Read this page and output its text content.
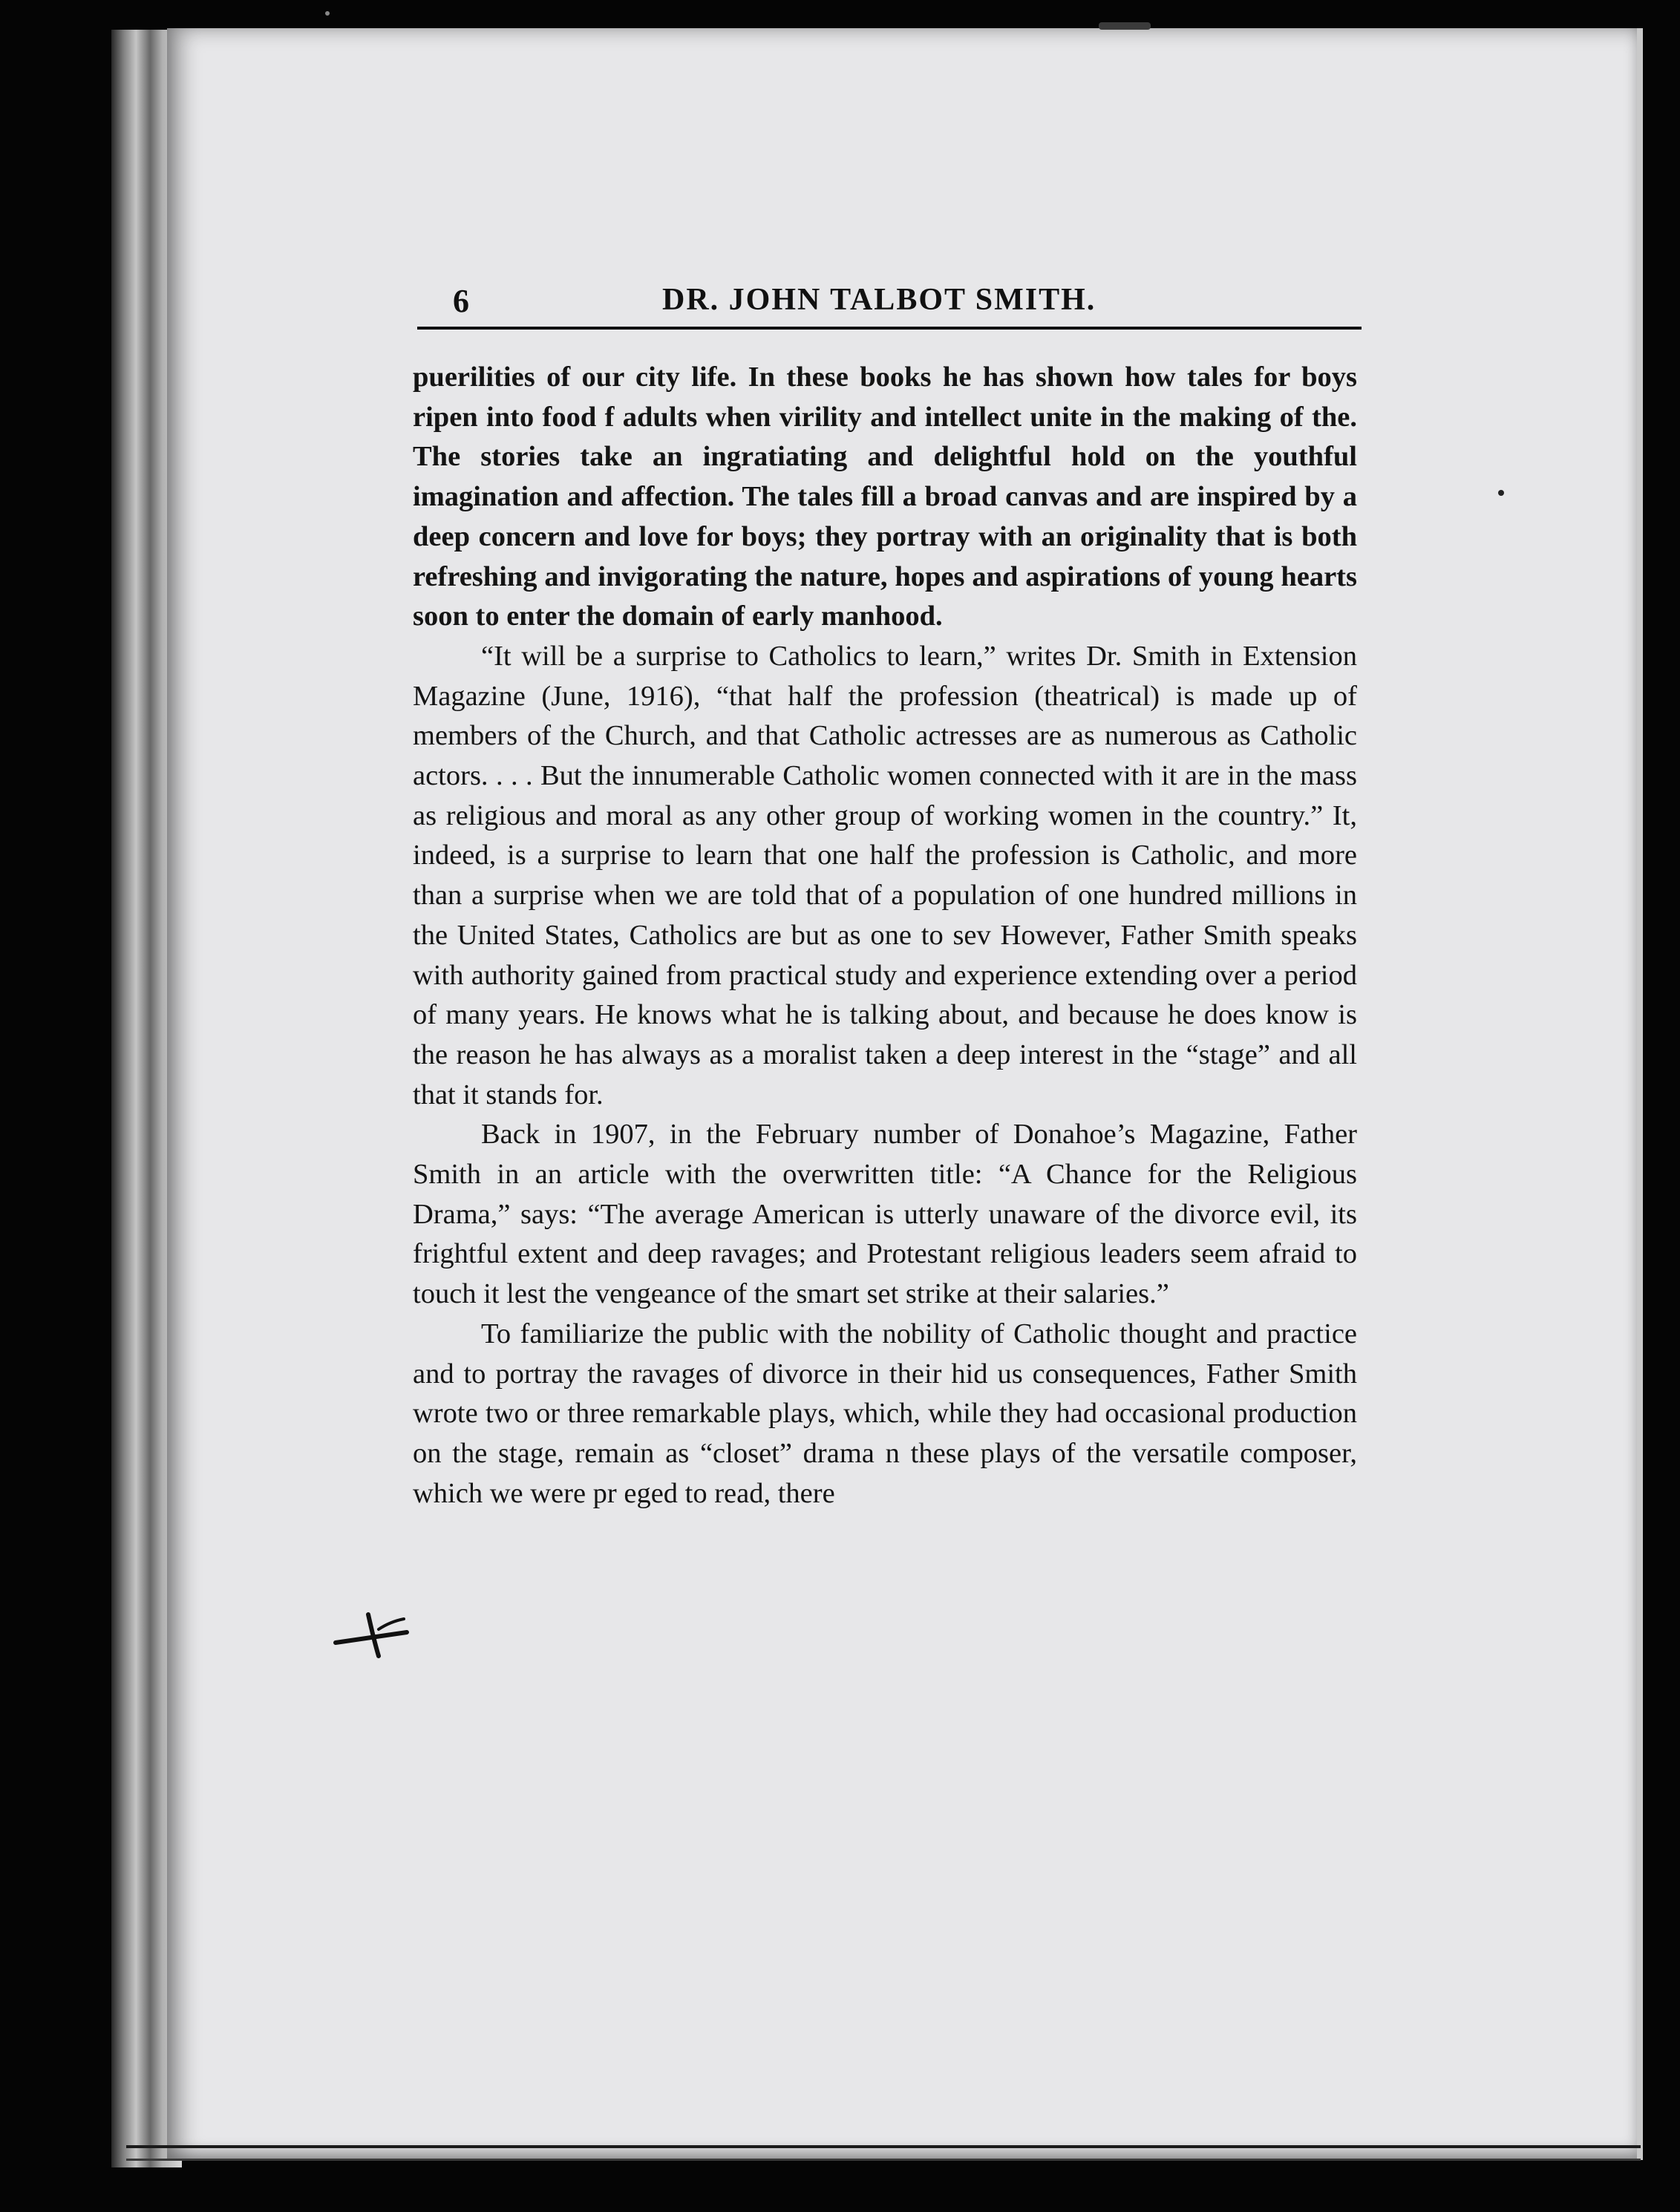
6	DR. JOHN TALBOT SMITH.

puerilities of our city life. In these books he has shown how tales for boys ripen into food f adults when virility and intellect unite in the making of the. The stories take an ingratiating and delightful hold on the youthful imagination and affection. The tales fill a broad canvas and are inspired by a deep concern and love for boys; they portray with an originality that is both refreshing and invigorating the nature, hopes and aspirations of young hearts soon to enter the domain of early manhood.

“It will be a surprise to Catholics to learn,” writes Dr. Smith in Extension Magazine (June, 1916), “that half the profession (theatrical) is made up of members of the Church, and that Catholic actresses are as numerous as Catholic actors. . . . But the innumerable Catholic women connected with it are in the mass as religious and moral as any other group of working women in the country.” It, indeed, is a surprise to learn that one half the profession is Catholic, and more than a surprise when we are told that of a population of one hundred millions in the United States, Catholics are but as one to sev However, Father Smith speaks with authority gained from practical study and experience extending over a period of many years. He knows what he is talking about, and because he does know is the reason he has always as a moralist taken a deep interest in the “stage” and all that it stands for.

Back in 1907, in the February number of Donahoe’s Magazine, Father Smith in an article with the overwritten title: “A Chance for the Religious Drama,” says: “The average American is utterly unaware of the divorce evil, its frightful extent and deep ravages; and Protestant religious leaders seem afraid to touch it lest the vengeance of the smart set strike at their salaries.”

To familiarize the public with the nobility of Catholic thought and practice and to portray the ravages of divorce in their hid us consequences, Father Smith wrote two or three remarkable plays, which, while they had occasional production on the stage, remain as “closet” drama n these plays of the versatile composer, which we were pr eged to read, there
